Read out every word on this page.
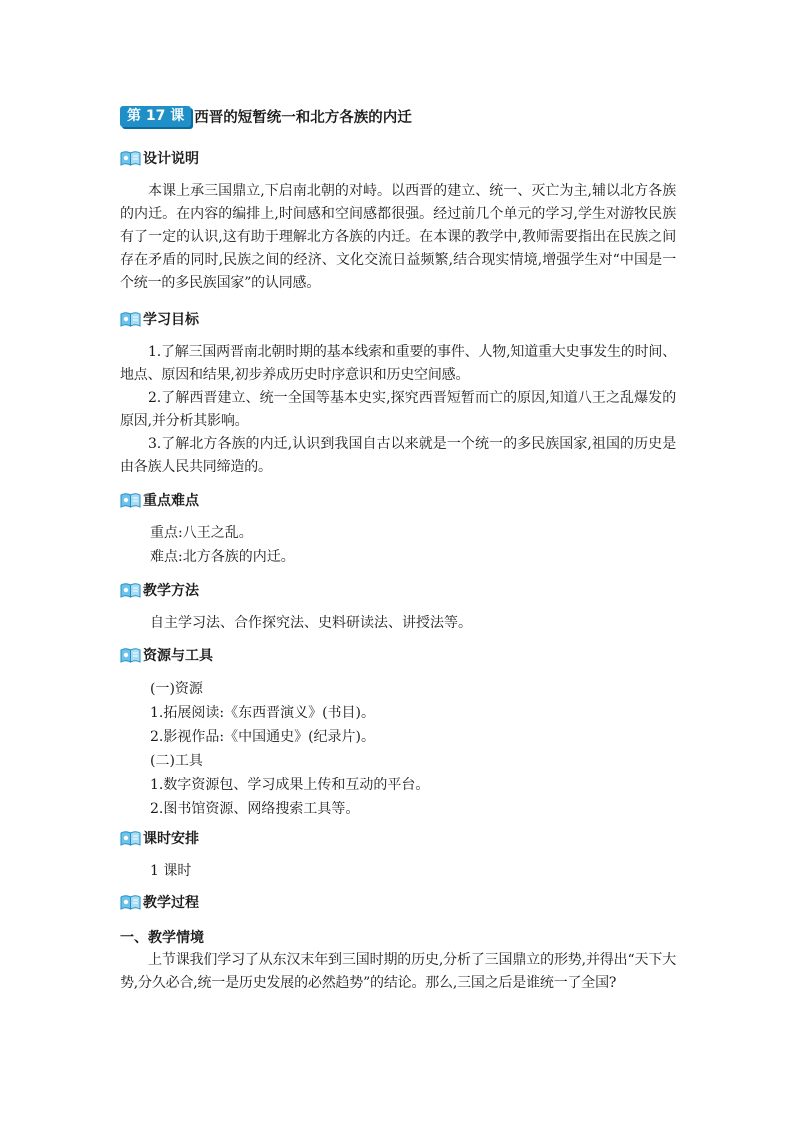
第 17 课 西晋的短暂统一和北方各族的内迁
设计说明
本课上承三国鼎立,下启南北朝的对峙。以西晋的建立、统一、灭亡为主,辅以北方各族的内迁。在内容的编排上,时间感和空间感都很强。经过前几个单元的学习,学生对游牧民族有了一定的认识,这有助于理解北方各族的内迁。在本课的教学中,教师需要指出在民族之间存在矛盾的同时,民族之间的经济、文化交流日益频繁,结合现实情境,增强学生对“中国是一个统一的多民族国家”的认同感。
学习目标
1.了解三国两晋南北朝时期的基本线索和重要的事件、人物,知道重大史事发生的时间、地点、原因和结果,初步养成历史时序意识和历史空间感。
2.了解西晋建立、统一全国等基本史实,探究西晋短暂而亡的原因,知道八王之乱爆发的原因,并分析其影响。
3.了解北方各族的内迁,认识到我国自古以来就是一个统一的多民族国家,祖国的历史是由各族人民共同缔造的。
重点难点
重点:八王之乱。
难点:北方各族的内迁。
教学方法
自主学习法、合作探究法、史料研读法、讲授法等。
资源与工具
(一)资源
1.拓展阅读:《东西晋演义》(书目)。
2.影视作品:《中国通史》(纪录片)。
(二)工具
1.数字资源包、学习成果上传和互动的平台。
2.图书馆资源、网络搜索工具等。
课时安排
1 课时
教学过程
一、教学情境
上节课我们学习了从东汉末年到三国时期的历史,分析了三国鼎立的形势,并得出“天下大势,分久必合,统一是历史发展的必然趋势”的结论。那么,三国之后是谁统一了全国?
